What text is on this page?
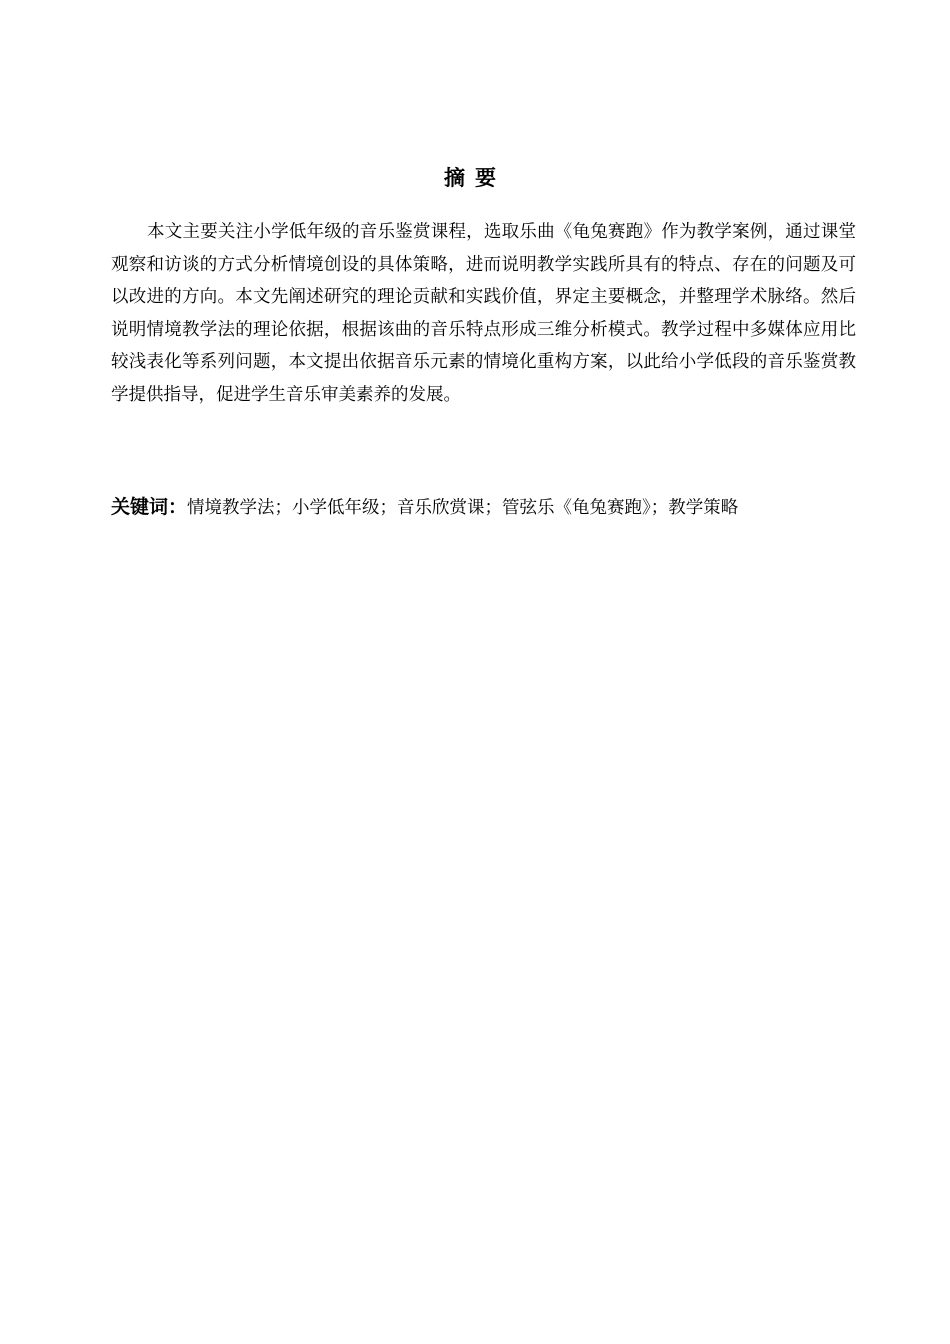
摘要

本文主要关注小学低年级的音乐鉴赏课程，选取乐曲《龟兔赛跑》作为教学案例，通过课堂观察和访谈的方式分析情境创设的具体策略，进而说明教学实践所具有的特点、存在的问题及可以改进的方向。本文先阐述研究的理论贡献和实践价值，界定主要概念，并整理学术脉络。然后说明情境教学法的理论依据，根据该曲的音乐特点形成三维分析模式。教学过程中多媒体应用比较浅表化等系列问题，本文提出依据音乐元素的情境化重构方案，以此给小学低段的音乐鉴赏教学提供指导，促进学生音乐审美素养的发展。

关键词：情境教学法；小学低年级；音乐欣赏课；管弦乐《龟兔赛跑》；教学策略
